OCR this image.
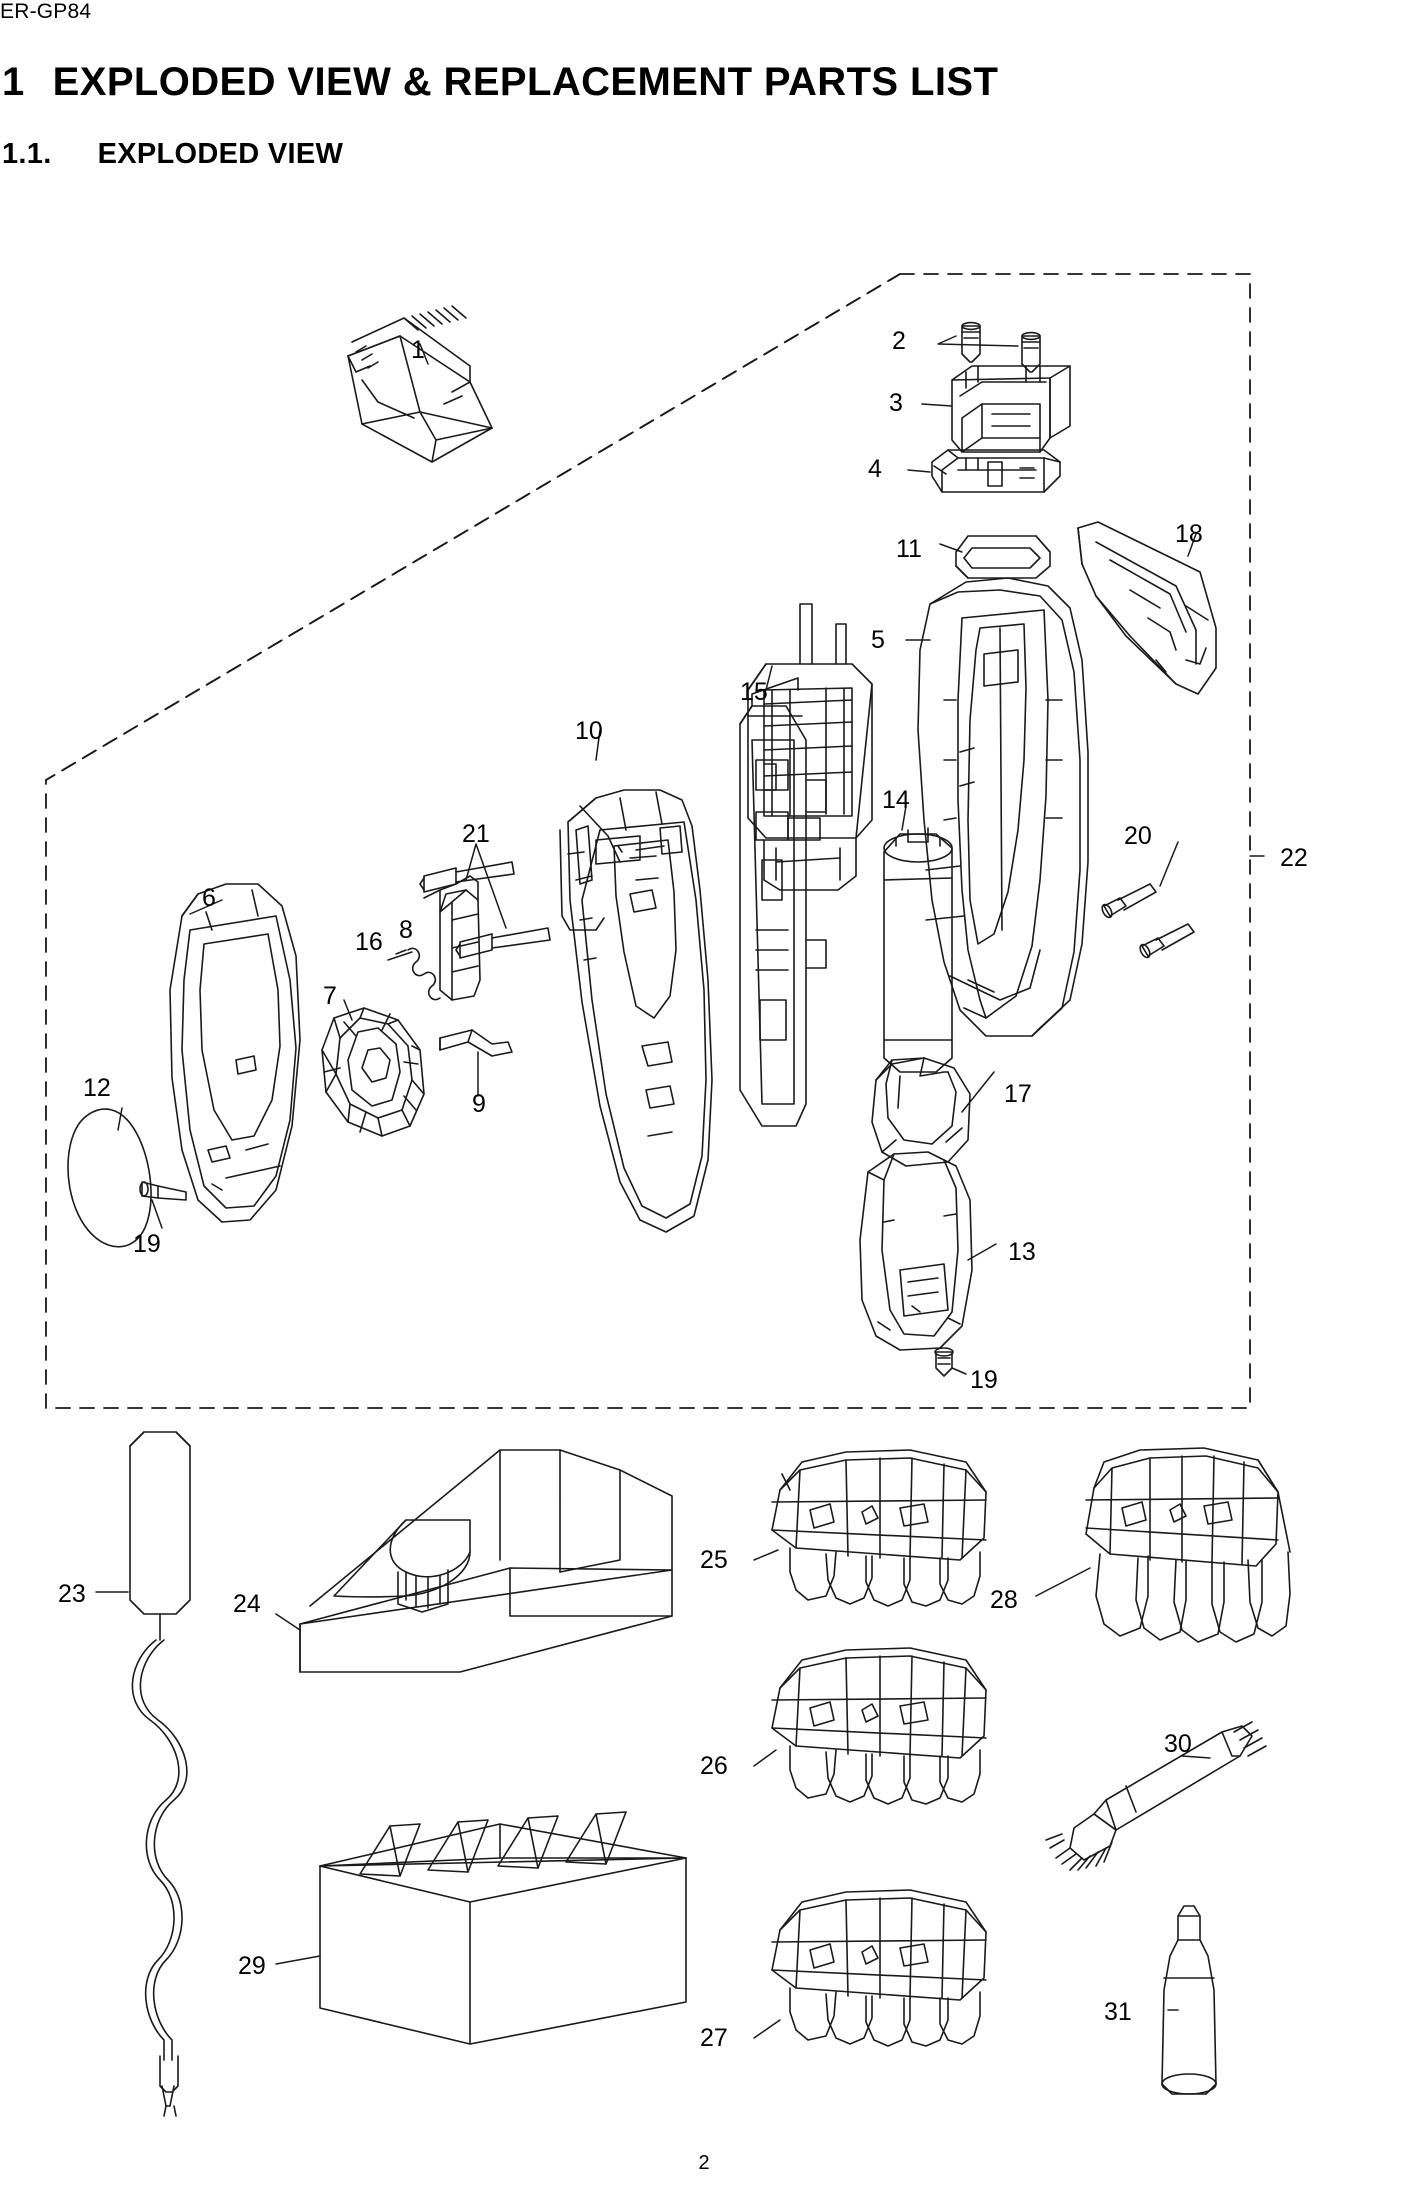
ER-GP84
1 EXPLODED VIEW & REPLACEMENT PARTS LIST
1.1. EXPLODED VIEW
1	2
3
4
5
6
7
8
9
10
11
12
13
14
15
16
17
18
19
19
20
21
22
23	24
25
26
27
28
29
30
31
2
